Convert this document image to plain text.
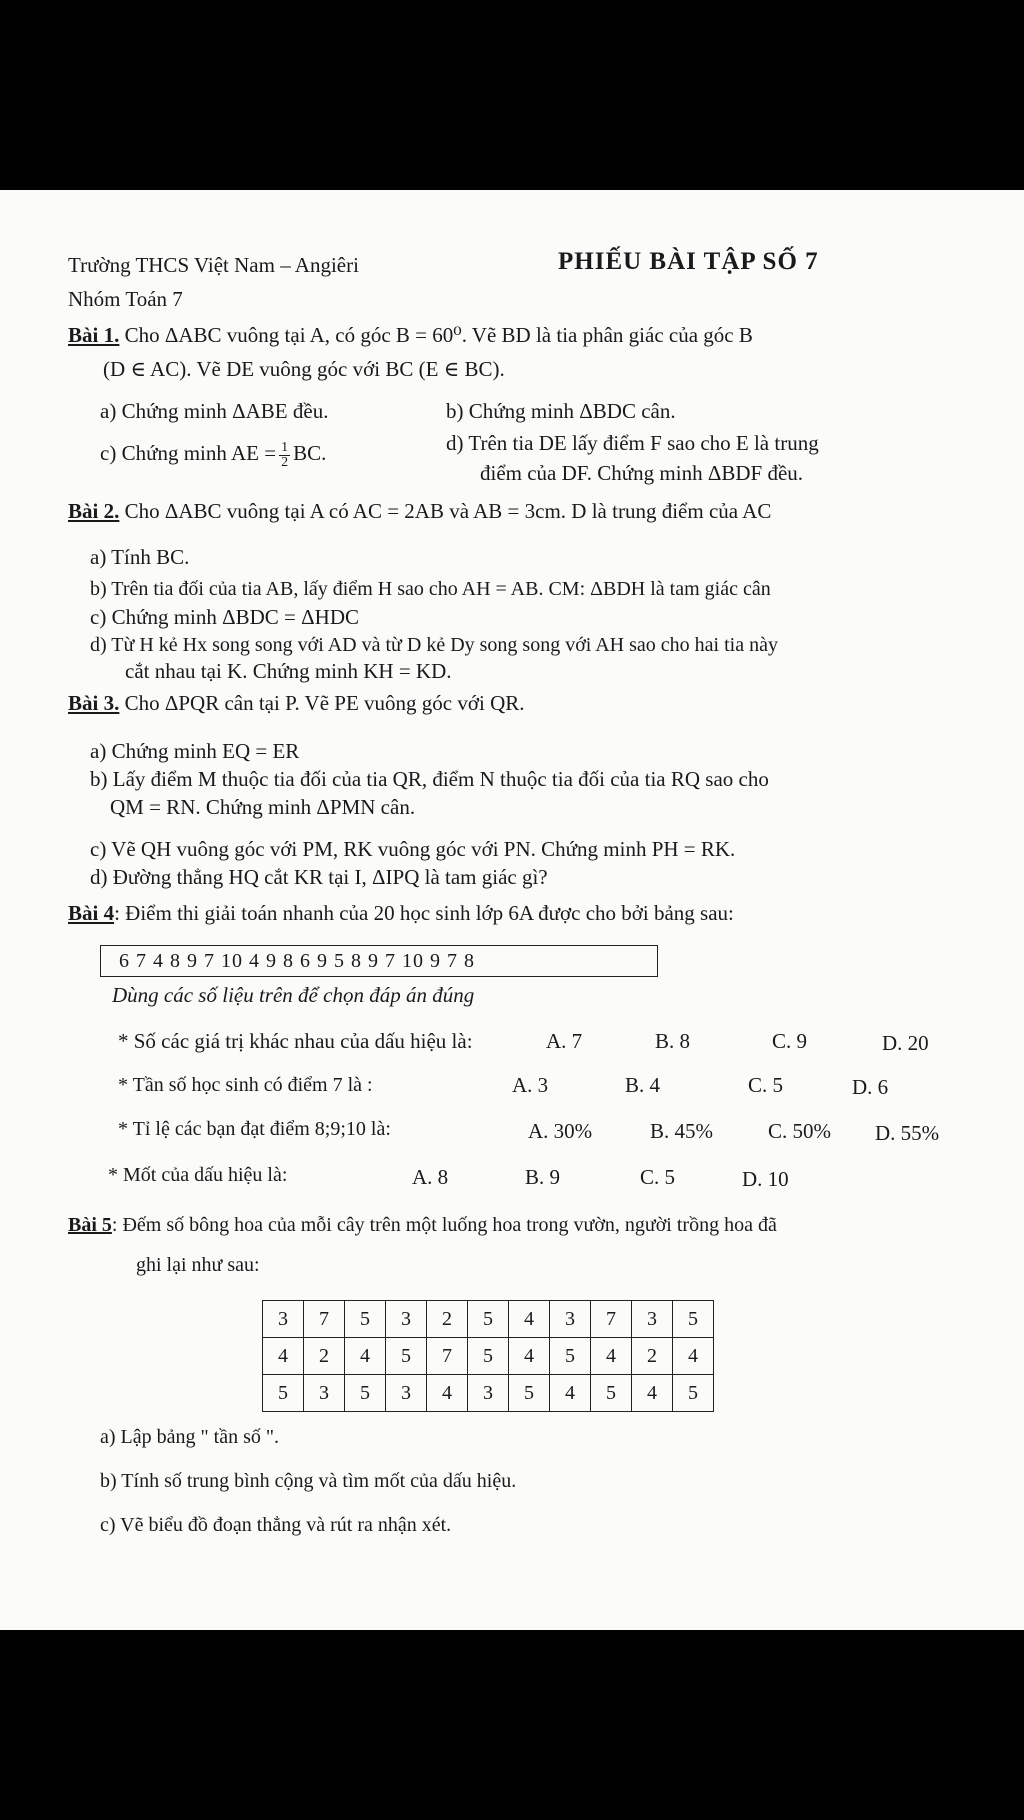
Trường THCS Việt Nam – Angiêri
Nhóm Toán 7
PHIẾU BÀI TẬP SỐ 7
Bài 1. Cho ΔABC vuông tại A, có góc B = 60⁰. Vẽ BD là tia phân giác của góc B
(D ∈ AC). Vẽ DE vuông góc với BC (E ∈ BC).
a) Chứng minh ΔABE đều.	b) Chứng minh ΔBDC cân.
c) Chứng minh AE = $\frac{1}{2}$ BC.	d) Trên tia DE lấy điểm F sao cho E là trung
điểm của DF. Chứng minh ΔBDF đều.
Bài 2. Cho ΔABC vuông tại A có AC = 2AB và AB = 3cm. D là trung điểm của AC
a) Tính BC.
b) Trên tia đối của tia AB, lấy điểm H sao cho AH = AB. CM: ΔBDH là tam giác cân
c) Chứng minh ΔBDC = ΔHDC
d) Từ H kẻ Hx song song với AD và từ D kẻ Dy song song với AH sao cho hai tia này
cắt nhau tại K. Chứng minh KH = KD.
Bài 3. Cho ΔPQR cân tại P. Vẽ PE vuông góc với QR.
a) Chứng minh EQ = ER
b) Lấy điểm M thuộc tia đối của tia QR, điểm N thuộc tia đối của tia RQ sao cho
QM = RN. Chứng minh ΔPMN cân.
c) Vẽ QH vuông góc với PM, RK vuông góc với PN. Chứng minh PH = RK.
d) Đường thẳng HQ cắt KR tại I, ΔIPQ là tam giác gì?
Bài 4: Điểm thi giải toán nhanh của 20 học sinh lớp 6A được cho bởi bảng sau:
6 7 4 8 9 7 10 4 9 8 6 9 5 8 9 7 10 9 7 8
Dùng các số liệu trên để chọn đáp án đúng
* Số các giá trị khác nhau của dấu hiệu là:	A. 7	B. 8	C. 9	D. 20
* Tần số học sinh có điểm 7 là :	A. 3	B. 4	C. 5	D. 6
* Tỉ lệ các bạn đạt điểm 8;9;10 là:	A. 30%	B. 45%	C. 50% D. 55%
* Mốt của dấu hiệu là:	A. 8	B. 9	C. 5	D. 10
Bài 5: Đếm số bông hoa của mỗi cây trên một luống hoa trong vườn, người trồng hoa đã
ghi lại như sau:
3	7	5	3	2	5	4	3	7	3	5
4	2	4	5	7	5	4	5	4	2	4
5	3	5	3	4	3	5	4	5	4	5
a) Lập bảng " tần số ".
b) Tính số trung bình cộng và tìm mốt của dấu hiệu.
c) Vẽ biểu đồ đoạn thẳng và rút ra nhận xét.
